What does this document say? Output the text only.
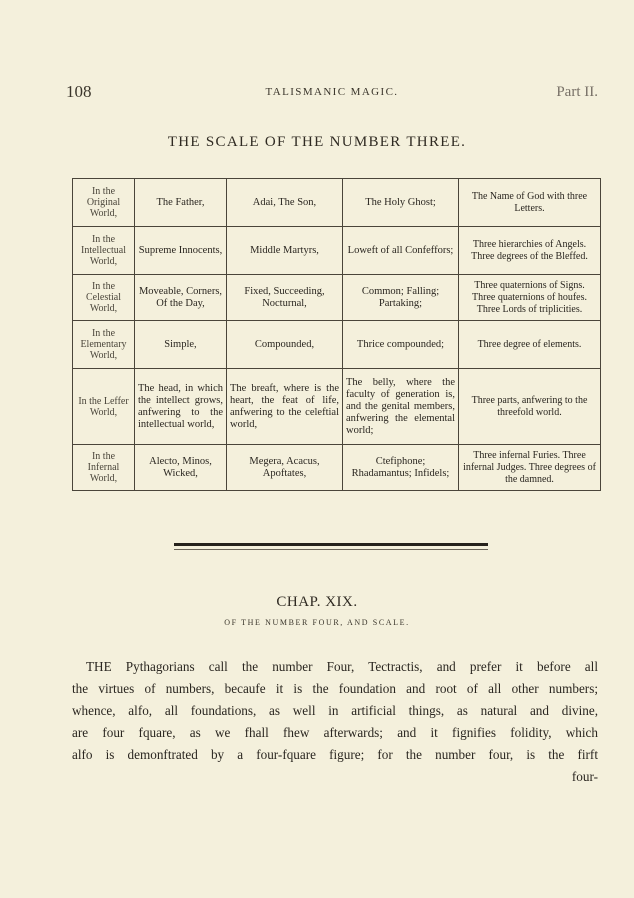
108	TALISMANIC MAGIC.	Part II.
THE SCALE OF THE NUMBER THREE.
In the Original World,	The Father,	Adai, The Son,	The Holy Ghost;	The Name of God with three Letters.
In the Intellectual World,	Supreme Innocents,	Middle Martyrs,	Loweft of all Confeffors;	Three hierarchies of Angels. Three degrees of the Bleffed.
In the Celestial World,	Moveable, Corners, Of the Day,	Fixed, Succeeding, Nocturnal,	Common; Falling; Partaking;	Three quaternions of Signs. Three quaternions of houfes. Three Lords of triplicities.
In the Elementary World,	Simple,	Compounded,	Thrice compounded;	Three degree of elements.
In the Leffer World,	The head, in which the intellect grows, anfwering to the intellectual world,	The breaft, where is the heart, the feat of life, anfwering to the celeftial world,	The belly, where the faculty of generation is, and the genital members, anfwering the elemental world;	Three parts, anfwering to the threefold world.
In the Infernal World,	Alecto, Minos, Wicked,	Megera, Acacus, Apoftates,	Ctefiphone; Rhadamantus; Infidels;	Three infernal Furies. Three infernal Judges. Three degrees of the damned.
CHAP. XIX.
OF THE NUMBER FOUR, AND SCALE.
THE Pythagorians call the number Four, Tectractis, and prefer it before all
the virtues of numbers, becaufe it is the foundation and root of all other numbers;
whence, alfo, all foundations, as well in artificial things, as natural and divine,
are four fquare, as we fhall fhew afterwards; and it fignifies folidity, which
alfo is demonftrated by a four-fquare figure; for the number four, is the firft
four-
